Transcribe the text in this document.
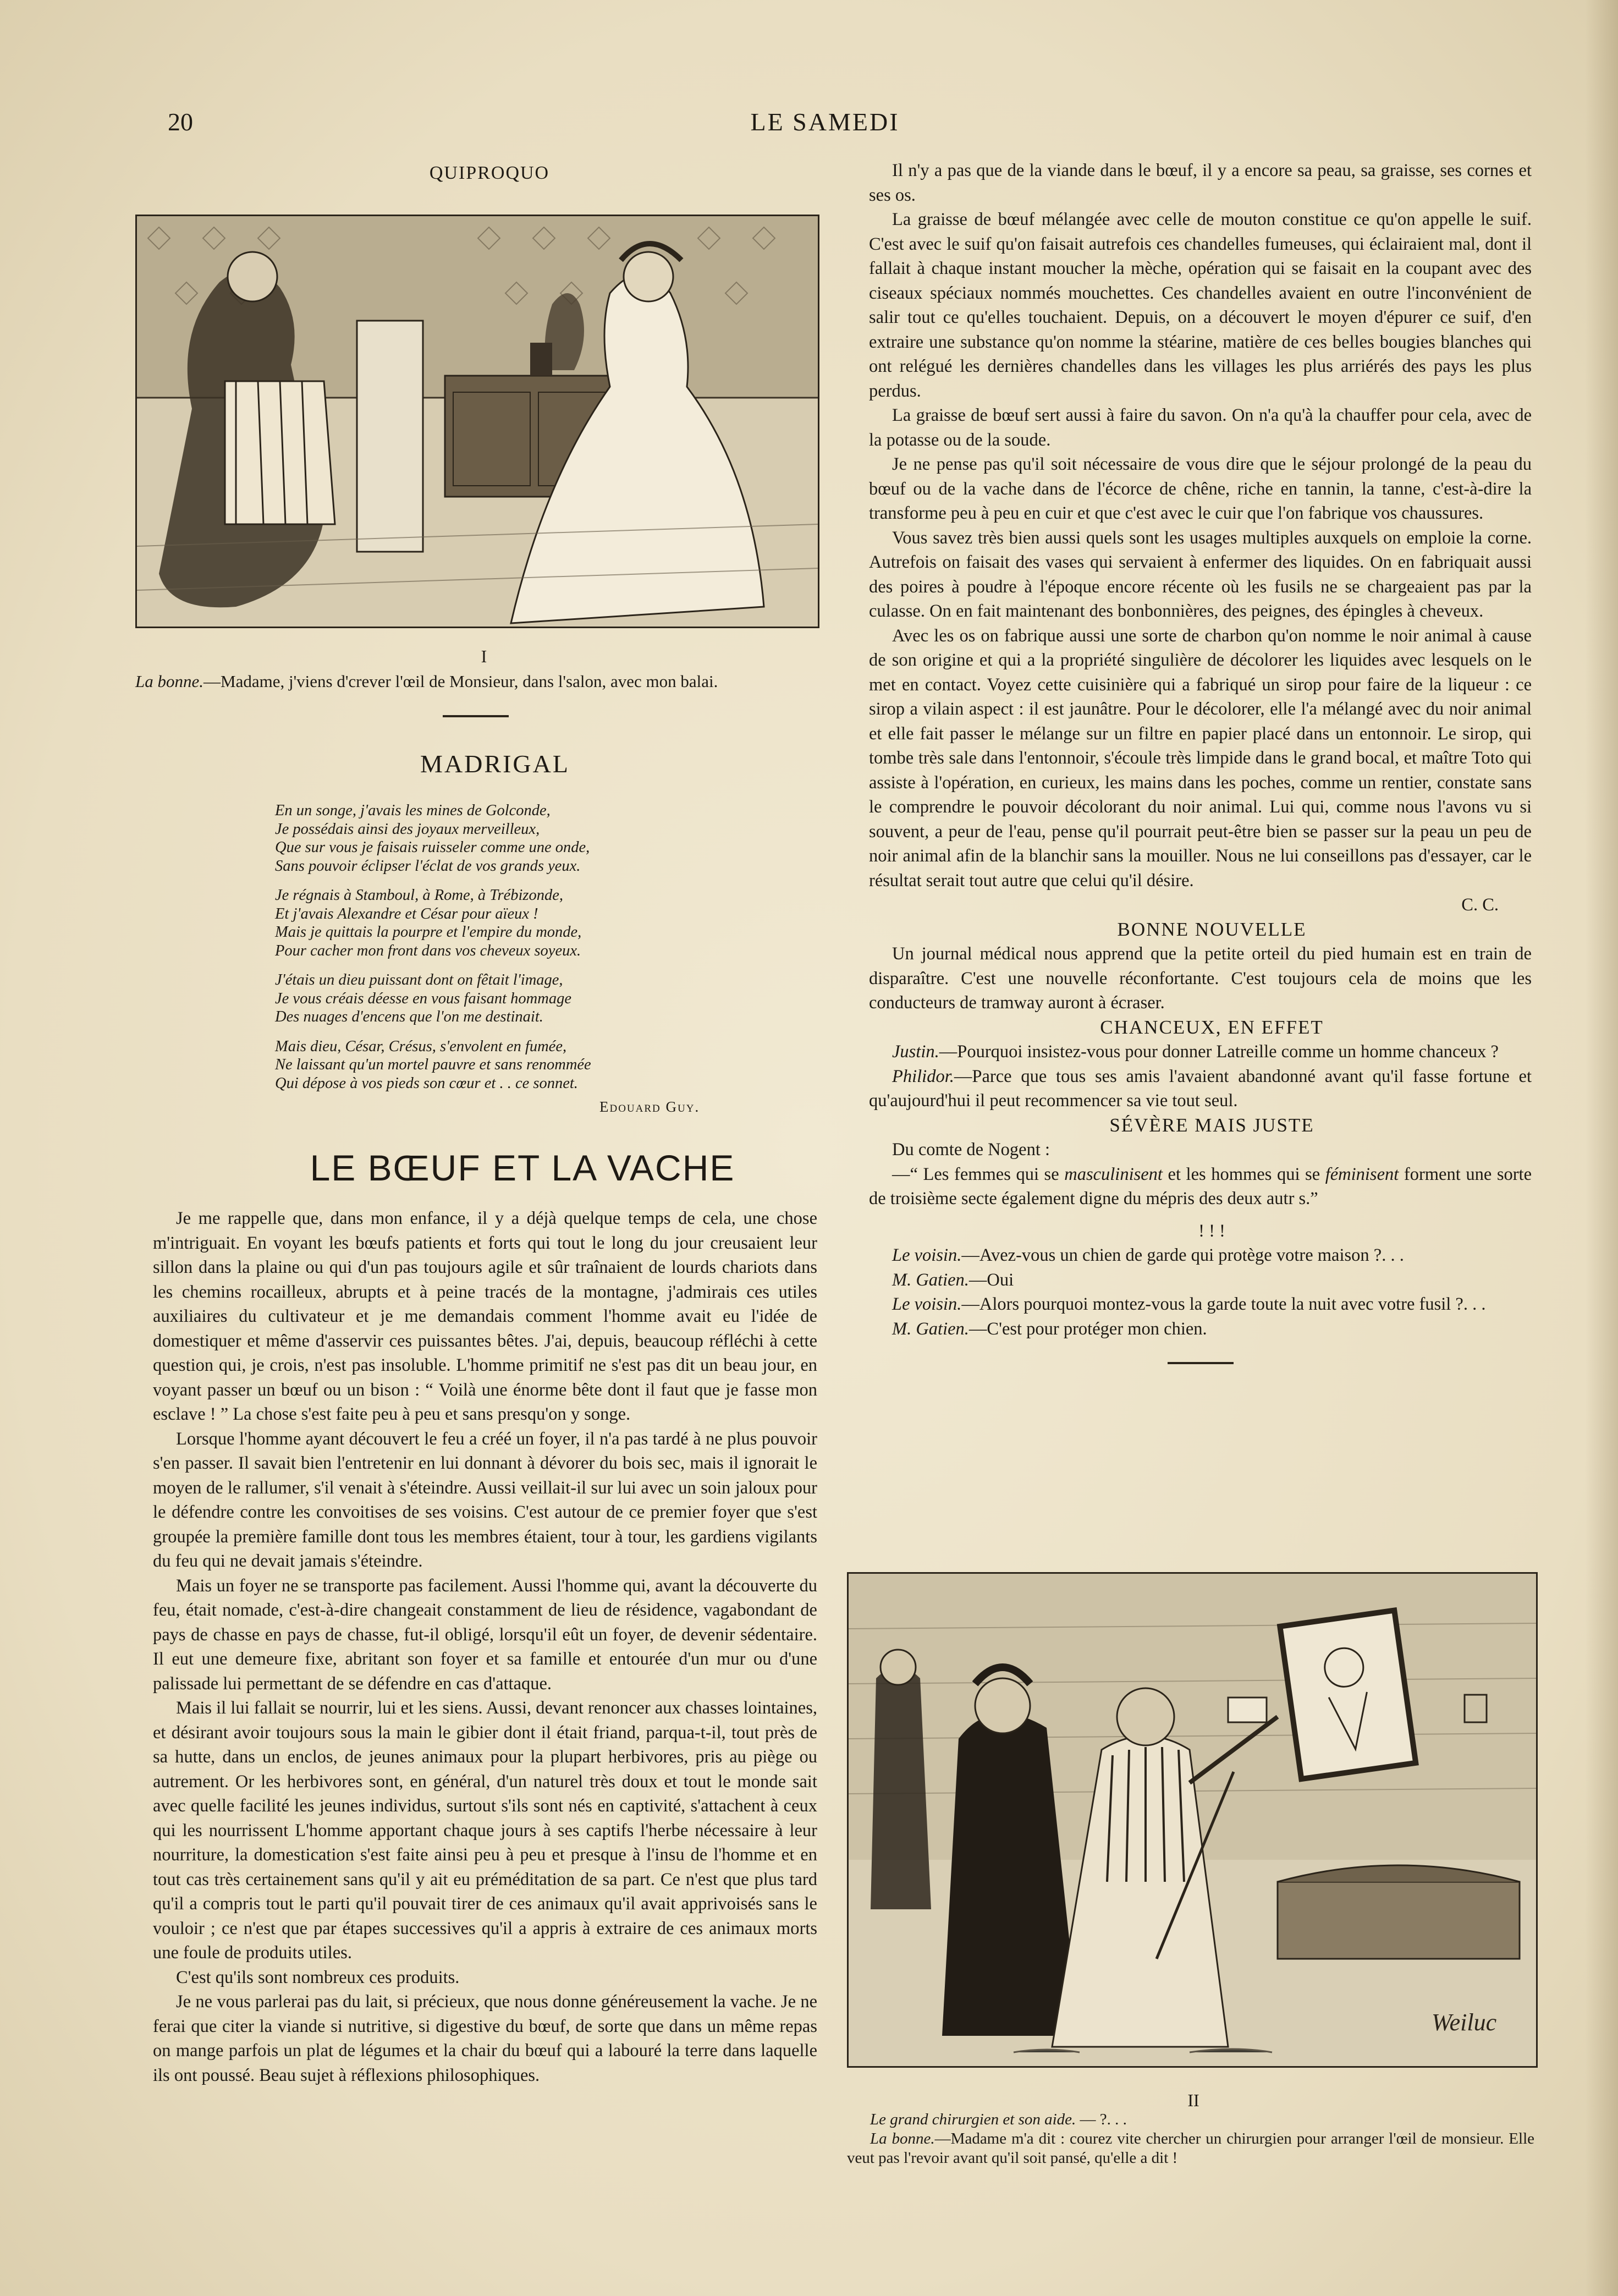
20	LE SAMEDI
QUIPROQUO
I
La bonne.—Madame, j'viens d'crever l'œil de Monsieur, dans l'salon, avec mon balai.
MADRIGAL
En un songe, j'avais les mines de Golconde,
Je possédais ainsi des joyaux merveilleux,
Que sur vous je faisais ruisseler comme une onde,
Sans pouvoir éclipser l'éclat de vos grands yeux.
Je régnais à Stamboul, à Rome, à Trébizonde,
Et j'avais Alexandre et César pour aïeux !
Mais je quittais la pourpre et l'empire du monde,
Pour cacher mon front dans vos cheveux soyeux.
J'étais un dieu puissant dont on fêtait l'image,
Je vous créais déesse en vous faisant hommage
Des nuages d'encens que l'on me destinait.
Mais dieu, César, Crésus, s'envolent en fumée,
Ne laissant qu'un mortel pauvre et sans renommée
Qui dépose à vos pieds son cœur et . . ce sonnet.
Edouard Guy.
LE BŒUF ET LA VACHE

Je me rappelle que, dans mon enfance, il y a déjà quelque temps de cela, une chose m'intriguait. En voyant les bœufs patients et forts qui tout le long du jour creusaient leur sillon dans la plaine ou qui d'un pas toujours agile et sûr traînaient de lourds chariots dans les chemins rocailleux, abrupts et à peine tracés de la montagne, j'admirais ces utiles auxiliaires du cultivateur et je me demandais comment l'homme avait eu l'idée de domestiquer et même d'asservir ces puissantes bêtes. J'ai, depuis, beaucoup réfléchi à cette question qui, je crois, n'est pas insoluble. L'homme primitif ne s'est pas dit un beau jour, en voyant passer un bœuf ou un bison : “ Voilà une énorme bête dont il faut que je fasse mon esclave ! ” La chose s'est faite peu à peu et sans presqu'on y songe.

Lorsque l'homme ayant découvert le feu a créé un foyer, il n'a pas tardé à ne plus pouvoir s'en passer. Il savait bien l'entretenir en lui donnant à dévorer du bois sec, mais il ignorait le moyen de le rallumer, s'il venait à s'éteindre. Aussi veillait-il sur lui avec un soin jaloux pour le défendre contre les convoitises de ses voisins. C'est autour de ce premier foyer que s'est groupée la première famille dont tous les membres étaient, tour à tour, les gardiens vigilants du feu qui ne devait jamais s'éteindre.

Mais un foyer ne se transporte pas facilement. Aussi l'homme qui, avant la découverte du feu, était nomade, c'est-à-dire changeait constamment de lieu de résidence, vagabondant de pays de chasse en pays de chasse, fut-il obligé, lorsqu'il eût un foyer, de devenir sédentaire. Il eut une demeure fixe, abritant son foyer et sa famille et entourée d'un mur ou d'une palissade lui permettant de se défendre en cas d'attaque.

Mais il lui fallait se nourrir, lui et les siens. Aussi, devant renoncer aux chasses lointaines, et désirant avoir toujours sous la main le gibier dont il était friand, parqua-t-il, tout près de sa hutte, dans un enclos, de jeunes animaux pour la plupart herbivores, pris au piège ou autrement. Or les herbivores sont, en général, d'un naturel très doux et tout le monde sait avec quelle facilité les jeunes individus, surtout s'ils sont nés en captivité, s'attachent à ceux qui les nourrissent L'homme apportant chaque jours à ses captifs l'herbe nécessaire à leur nourriture, la domestication s'est faite ainsi peu à peu et presque à l'insu de l'homme et en tout cas très certainement sans qu'il y ait eu préméditation de sa part. Ce n'est que plus tard qu'il a compris tout le parti qu'il pouvait tirer de ces animaux qu'il avait apprivoisés sans le vouloir ; ce n'est que par étapes successives qu'il a appris à extraire de ces animaux morts une foule de produits utiles.

C'est qu'ils sont nombreux ces produits.

Je ne vous parlerai pas du lait, si précieux, que nous donne généreusement la vache. Je ne ferai que citer la viande si nutritive, si digestive du bœuf, de sorte que dans un même repas on mange parfois un plat de légumes et la chair du bœuf qui a labouré la terre dans laquelle ils ont poussé. Beau sujet à réflexions philosophiques.

Il n'y a pas que de la viande dans le bœuf, il y a encore sa peau, sa graisse, ses cornes et ses os.

La graisse de bœuf mélangée avec celle de mouton constitue ce qu'on appelle le suif. C'est avec le suif qu'on faisait autrefois ces chandelles fumeuses, qui éclairaient mal, dont il fallait à chaque instant moucher la mèche, opération qui se faisait en la coupant avec des ciseaux spéciaux nommés mouchettes. Ces chandelles avaient en outre l'inconvénient de salir tout ce qu'elles touchaient. Depuis, on a découvert le moyen d'épurer ce suif, d'en extraire une substance qu'on nomme la stéarine, matière de ces belles bougies blanches qui ont relégué les dernières chandelles dans les villages les plus arriérés des pays les plus perdus.

La graisse de bœuf sert aussi à faire du savon. On n'a qu'à la chauffer pour cela, avec de la potasse ou de la soude.

Je ne pense pas qu'il soit nécessaire de vous dire que le séjour prolongé de la peau du bœuf ou de la vache dans de l'écorce de chêne, riche en tannin, la tanne, c'est-à-dire la transforme peu à peu en cuir et que c'est avec le cuir que l'on fabrique vos chaussures.

Vous savez très bien aussi quels sont les usages multiples auxquels on emploie la corne. Autrefois on faisait des vases qui servaient à enfermer des liquides. On en fabriquait aussi des poires à poudre à l'époque encore récente où les fusils ne se chargeaient pas par la culasse. On en fait maintenant des bonbonnières, des peignes, des épingles à cheveux.

Avec les os on fabrique aussi une sorte de charbon qu'on nomme le noir animal à cause de son origine et qui a la propriété singulière de décolorer les liquides avec lesquels on le met en contact. Voyez cette cuisinière qui a fabriqué un sirop pour faire de la liqueur : ce sirop a vilain aspect : il est jaunâtre. Pour le décolorer, elle l'a mélangé avec du noir animal et elle fait passer le mélange sur un filtre en papier placé dans un entonnoir. Le sirop, qui tombe très sale dans l'entonnoir, s'écoule très limpide dans le grand bocal, et maître Toto qui assiste à l'opération, en curieux, les mains dans les poches, comme un rentier, constate sans le comprendre le pouvoir décolorant du noir animal. Lui qui, comme nous l'avons vu si souvent, a peur de l'eau, pense qu'il pourrait peut-être bien se passer sur la peau un peu de noir animal afin de la blanchir sans la mouiller. Nous ne lui conseillons pas d'essayer, car le résultat serait tout autre que celui qu'il désire.

C. C.

BONNE NOUVELLE

Un journal médical nous apprend que la petite orteil du pied humain est en train de disparaître. C'est une nouvelle réconfortante. C'est toujours cela de moins que les conducteurs de tramway auront à écraser.

CHANCEUX, EN EFFET

Justin.—Pourquoi insistez-vous pour donner Latreille comme un homme chanceux ?

Philidor.—Parce que tous ses amis l'avaient abandonné avant qu'il fasse fortune et qu'aujourd'hui il peut recommencer sa vie tout seul.

SÉVÈRE MAIS JUSTE

Du comte de Nogent :

—“ Les femmes qui se masculinisent et les hommes qui se féminisent forment une sorte de troisième secte également digne du mépris des deux autr s.”

! ! !

Le voisin.—Avez-vous un chien de garde qui protège votre maison ?. . .

M. Gatien.—Oui

Le voisin.—Alors pourquoi montez-vous la garde toute la nuit avec votre fusil ?. . .

M. Gatien.—C'est pour protéger mon chien.

Weiluc
II
Le grand chirurgien et son aide. — ?. . .
La bonne.—Madame m'a dit : courez vite chercher un chirurgien pour arranger l'œil de monsieur. Elle veut pas l'revoir avant qu'il soit pansé, qu'elle a dit !
